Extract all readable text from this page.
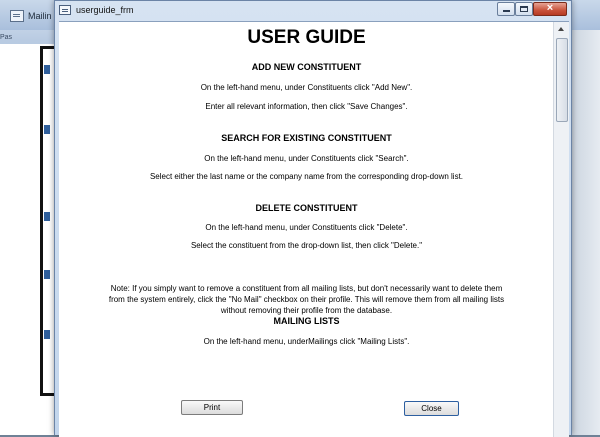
Mailin
Pas
userguide_frm	×
USER GUIDE
ADD NEW CONSTITUENT
On the left-hand menu, under Constituents click "Add New".
Enter all relevant information, then click "Save Changes".
SEARCH FOR EXISTING CONSTITUENT
On the left-hand menu, under Constituents click "Search".
Select either the last name or the company name from the corresponding drop-down list.
DELETE CONSTITUENT
On the left-hand menu, under Constituents click "Delete".
Select the constituent from the drop-down list, then click "Delete."
Note: If you simply want to remove a constituent from all mailing lists, but don't necessarily want to delete them
from the system entirely, click the "No Mail" checkbox on their profile. This will remove them from all mailing lists
without removing their profile from the database.
MAILING LISTS
On the left-hand menu, underMailings click "Mailing Lists".
Print	Close
